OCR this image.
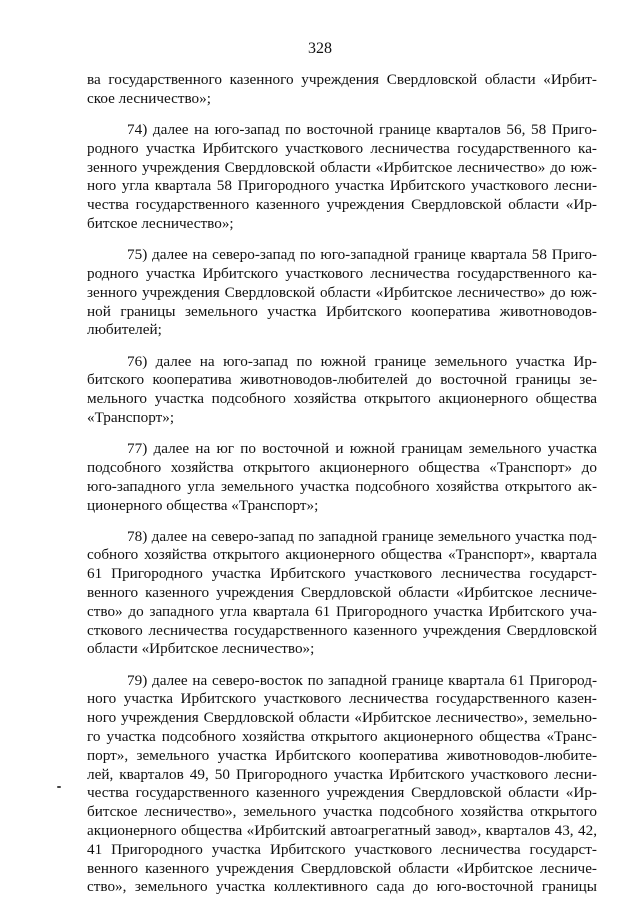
328
ва государственного казенного учреждения Свердловской области «Ирбит-
ское лесничество»;
74) далее на юго-запад по восточной границе кварталов 56, 58 Приго-
родного участка Ирбитского участкового лесничества государственного ка-
зенного учреждения Свердловской области «Ирбитское лесничество» до юж-
ного угла квартала 58 Пригородного участка Ирбитского участкового лесни-
чества государственного казенного учреждения Свердловской области «Ир-
битское лесничество»;
75) далее на северо-запад по юго-западной границе квартала 58 Приго-
родного участка Ирбитского участкового лесничества государственного ка-
зенного учреждения Свердловской области «Ирбитское лесничество» до юж-
ной границы земельного участка Ирбитского кооператива животноводов-
любителей;
76) далее на юго-запад по южной границе земельного участка Ир-
битского кооператива животноводов-любителей до восточной границы зе-
мельного участка подсобного хозяйства открытого акционерного общества
«Транспорт»;
77) далее на юг по восточной и южной границам земельного участка
подсобного хозяйства открытого акционерного общества «Транспорт» до
юго-западного угла земельного участка подсобного хозяйства открытого ак-
ционерного общества «Транспорт»;
78) далее на северо-запад по западной границе земельного участка под-
собного хозяйства открытого акционерного общества «Транспорт», квартала
61 Пригородного участка Ирбитского участкового лесничества государст-
венного казенного учреждения Свердловской области «Ирбитское лесниче-
ство» до западного угла квартала 61 Пригородного участка Ирбитского уча-
сткового лесничества государственного казенного учреждения Свердловской
области «Ирбитское лесничество»;
79) далее на северо-восток по западной границе квартала 61 Пригород-
ного участка Ирбитского участкового лесничества государственного казен-
ного учреждения Свердловской области «Ирбитское лесничество», земельно-
го участка подсобного хозяйства открытого акционерного общества «Транс-
порт», земельного участка Ирбитского кооператива животноводов-любите-
лей, кварталов 49, 50 Пригородного участка Ирбитского участкового лесни-
чества государственного казенного учреждения Свердловской области «Ир-
битское лесничество», земельного участка подсобного хозяйства открытого
акционерного общества «Ирбитский автоагрегатный завод», кварталов 43, 42,
41 Пригородного участка Ирбитского участкового лесничества государст-
венного казенного учреждения Свердловской области «Ирбитское лесниче-
ство», земельного участка коллективного сада до юго-восточной границы
